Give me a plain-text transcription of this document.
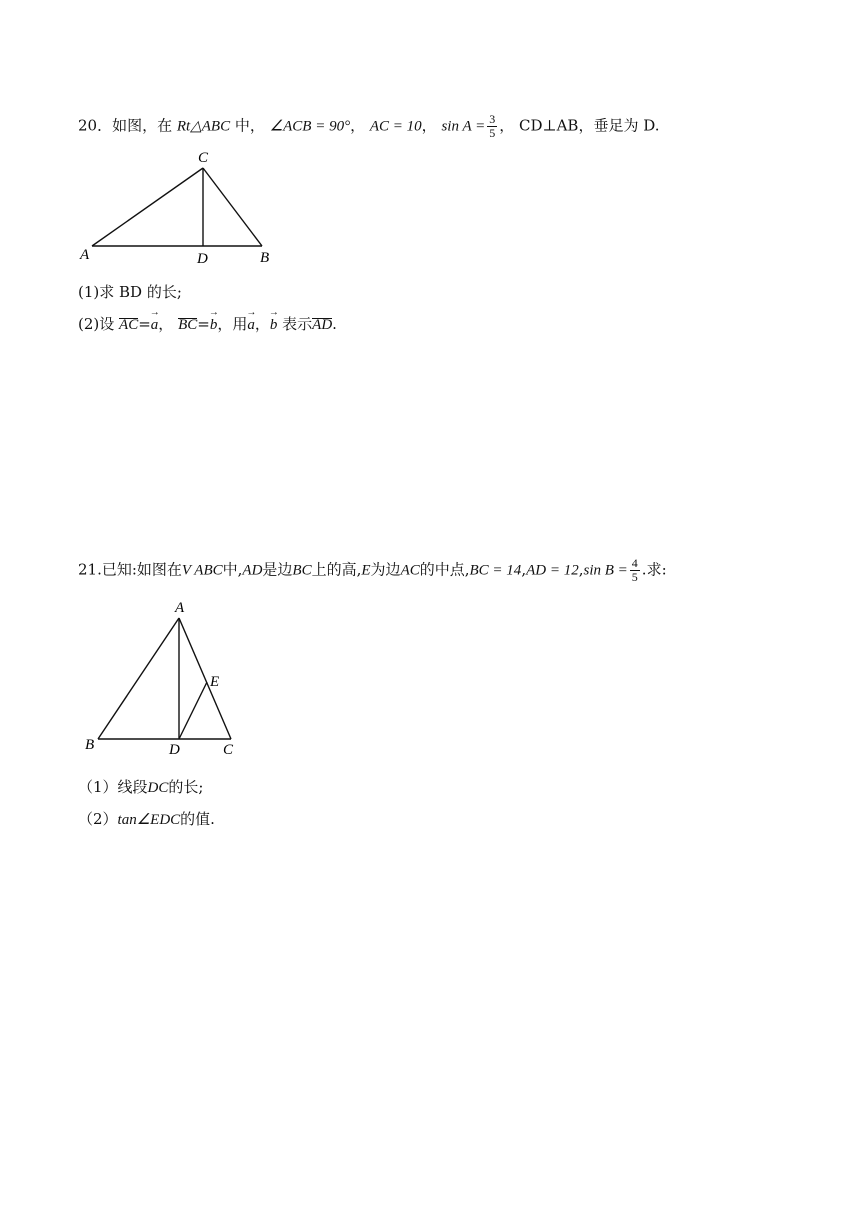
20．如图，在 Rt△ABC 中， ∠ACB = 90°， AC = 10， $\sin A = \frac{3}{5}$ ， CD⊥AB，垂足为 D.
C
A	D	B
(1)求 BD 的长;
(2)设 AC=→ a， BC=→ b，用→ a，→ b 表示AD.
21.已知:如图在V ABC中,AD是边BC上的高,E为边AC的中点,BC = 14,AD = 12,sin $B = \frac{4}{5}$ .求:
A
E
B	D	C
（1）线段DC的长;
（2）tan∠EDC的值.
